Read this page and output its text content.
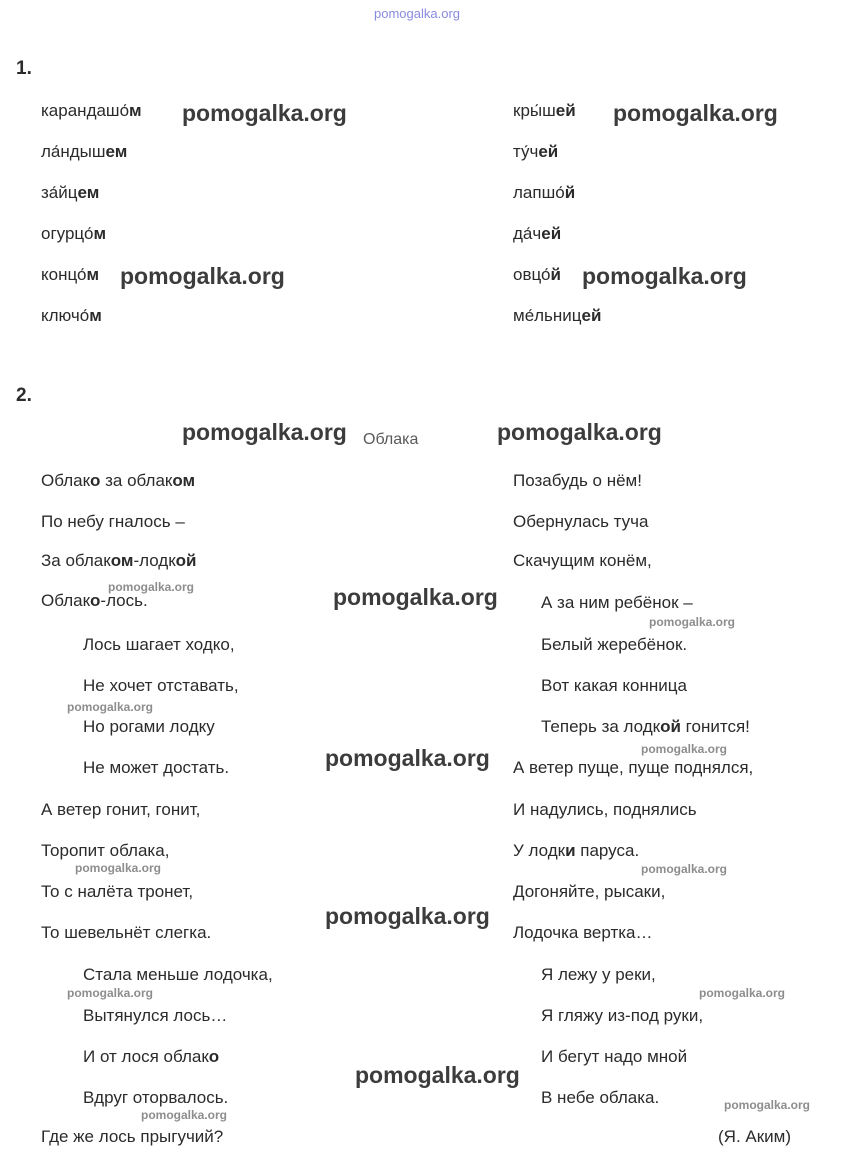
pomogalka.org
1.
карандашо́м
ла́ндышем
за́йцем
огурцо́м
концо́м
ключо́м
кры́шей
ту́чей
лапшо́й
да́чей
овцо́й
ме́льницей
2.
Облака
Облако за облаком
По небу гналось –
За облаком-лодкой
Облако-лось.
Лось шагает ходко,
Не хочет отставать,
Но рогами лодку
Не может достать.
А ветер гонит, гонит,
Торопит облака,
То с налёта тронет,
То шевельнёт слегка.
Стала меньше лодочка,
Вытянулся лось…
И от лося облако
Вдруг оторвалось.
Где же лось прыгучий?
Позабудь о нём!
Обернулась туча
Скачущим конём,
А за ним ребёнок –
Белый жеребёнок.
Вот какая конница
Теперь за лодкой гонится!
А ветер пуще, пуще поднялся,
И надулись, поднялись
У лодки паруса.
Догоняйте, рысаки,
Лодочка вертка…
Я лежу у реки,
Я гляжу из-под руки,
И бегут надо мной
В небе облака.
(Я. Аким)
pomogalka.org	pomogalka.org
pomogalka.org	pomogalka.org
pomogalka.org	pomogalka.org
pomogalka.org	pomogalka.org
pomogalka.org
pomogalka.org
pomogalka.org	pomogalka.org
pomogalka.org
pomogalka.org
pomogalka.org
pomogalka.org	pomogalka.org
pomogalka.org
pomogalka.org
pomogalka.org
